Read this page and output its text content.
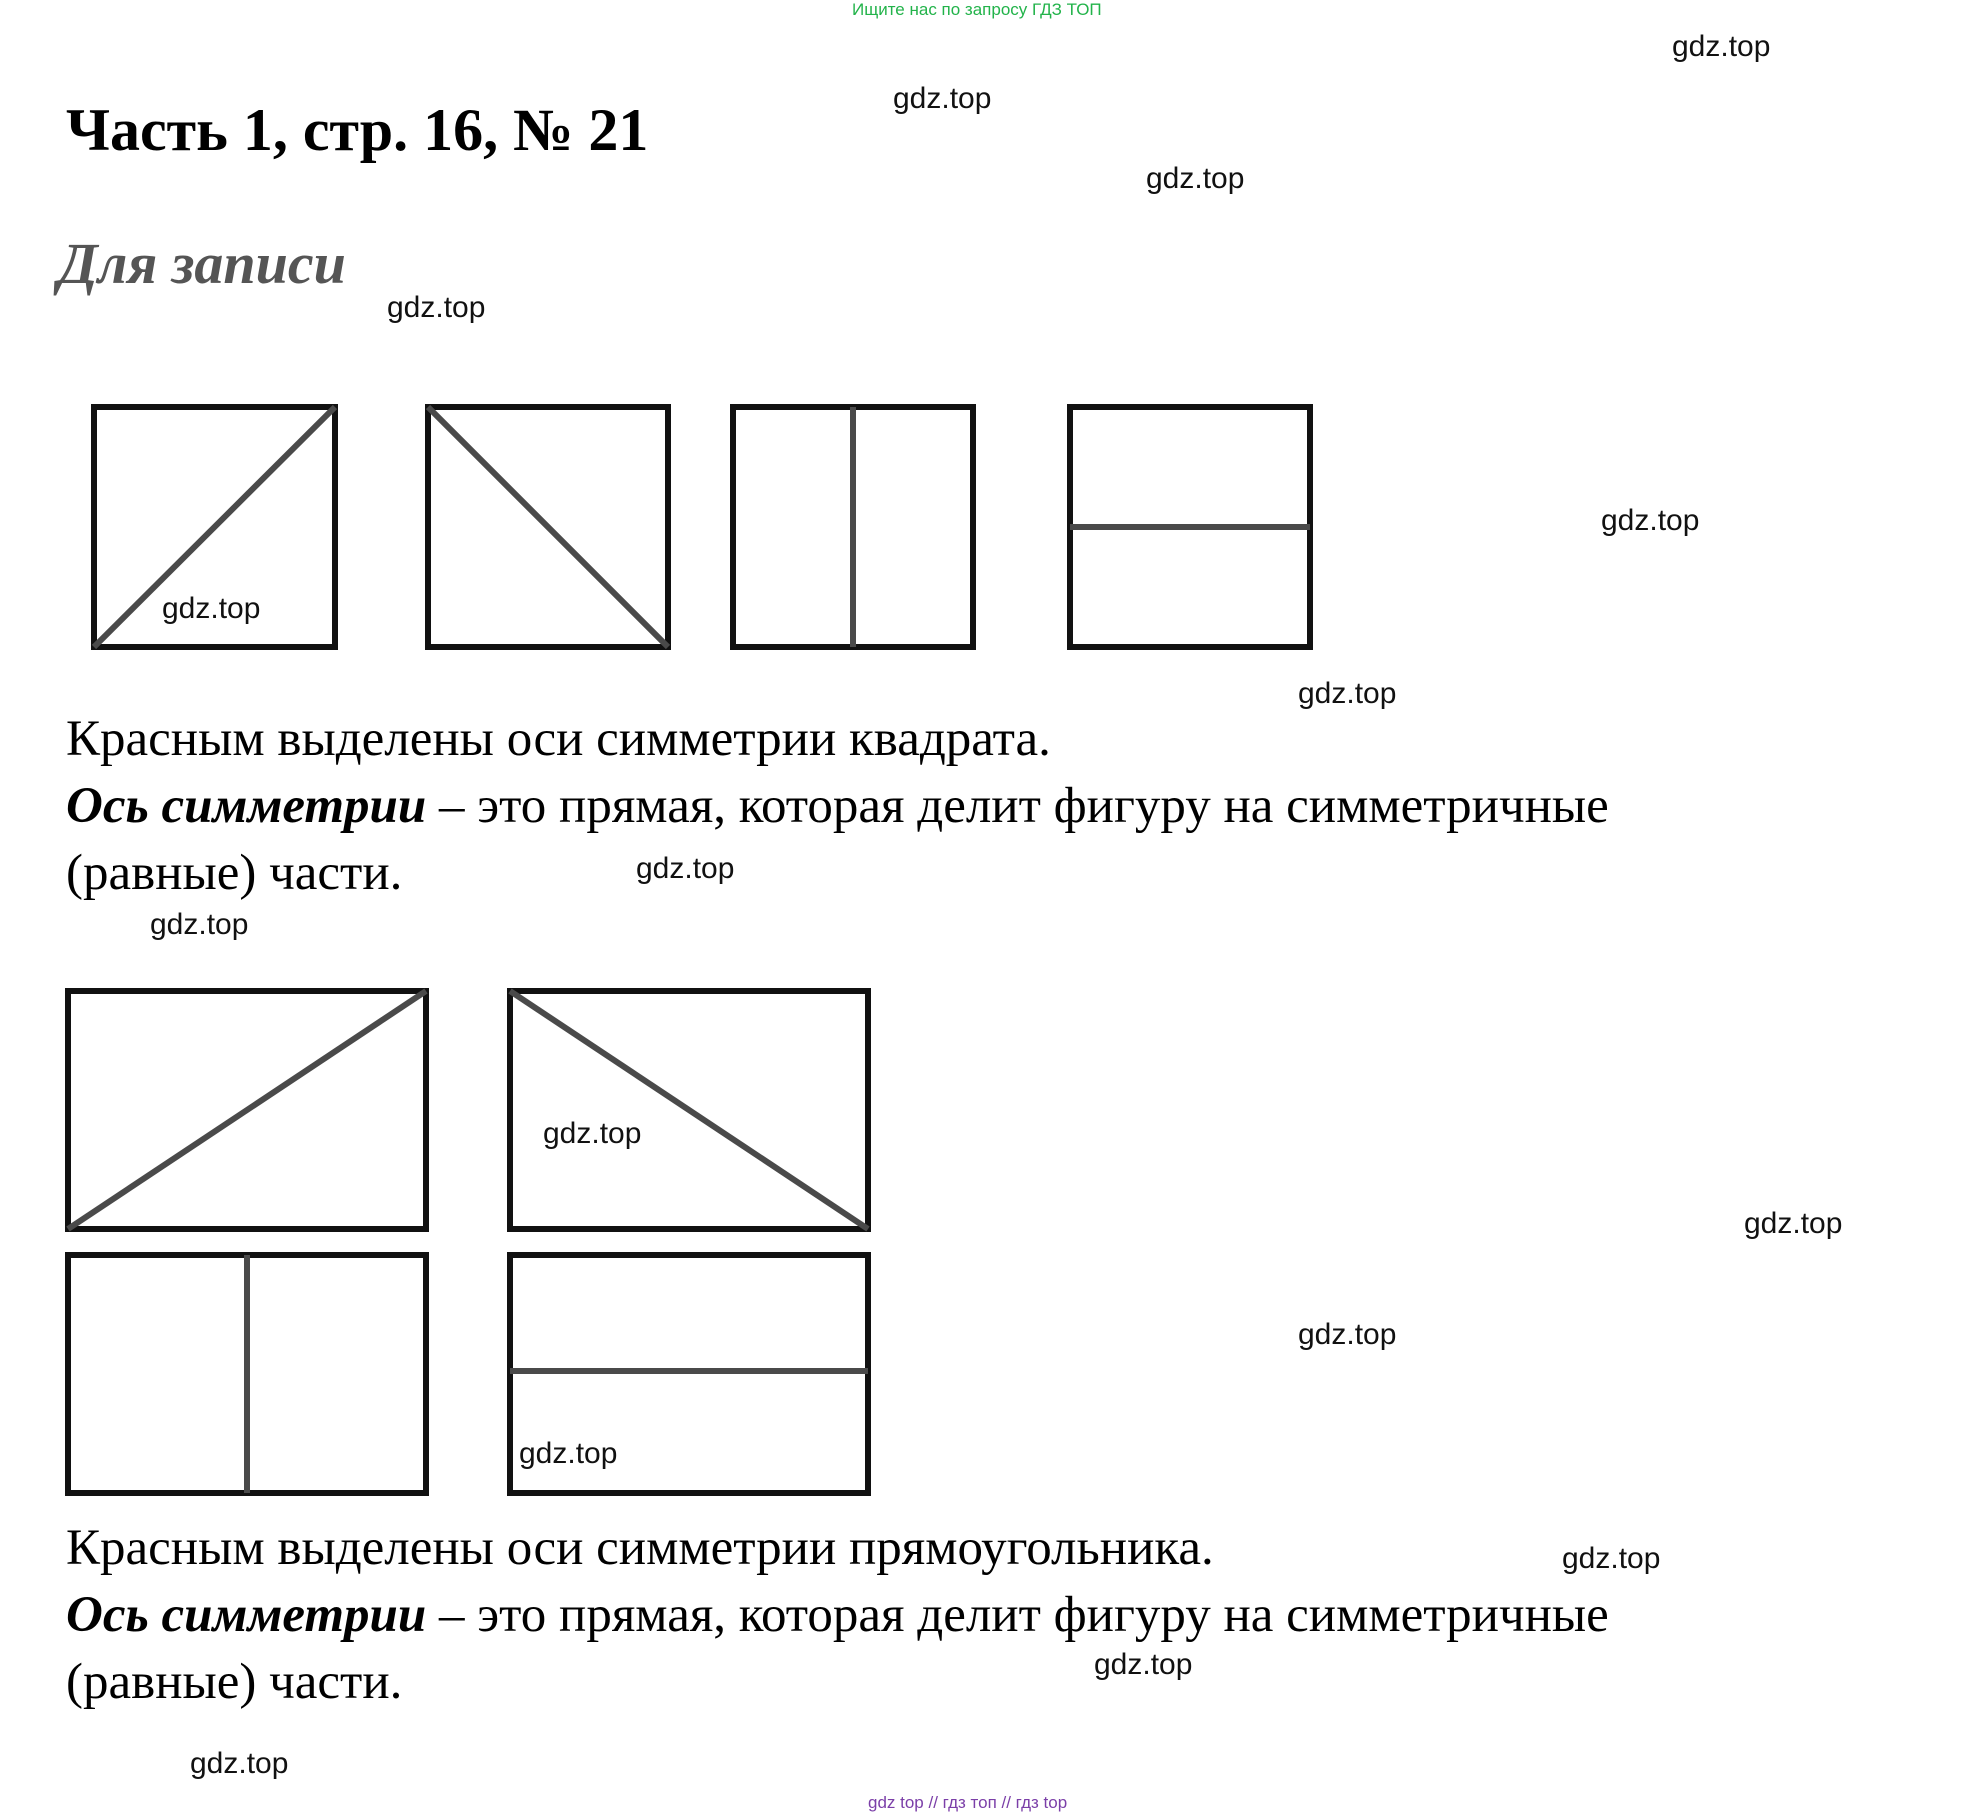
Ищите нас по запросу ГДЗ ТОП
Часть 1, стр. 16, № 21
Для записи
Красным выделены оси симметрии квадрата.
Ось симметрии – это прямая, которая делит фигуру на симметричные
(равные) части.
Красным выделены оси симметрии прямоугольника.
Ось симметрии – это прямая, которая делит фигуру на симметричные
(равные) части.
gdz.top
gdz.top
gdz.top
gdz.top
gdz.top
gdz.top
gdz.top
gdz.top
gdz.top
gdz.top
gdz.top
gdz.top
gdz.top
gdz.top
gdz.top
gdz.top
gdz top // гдз топ // гдз top
